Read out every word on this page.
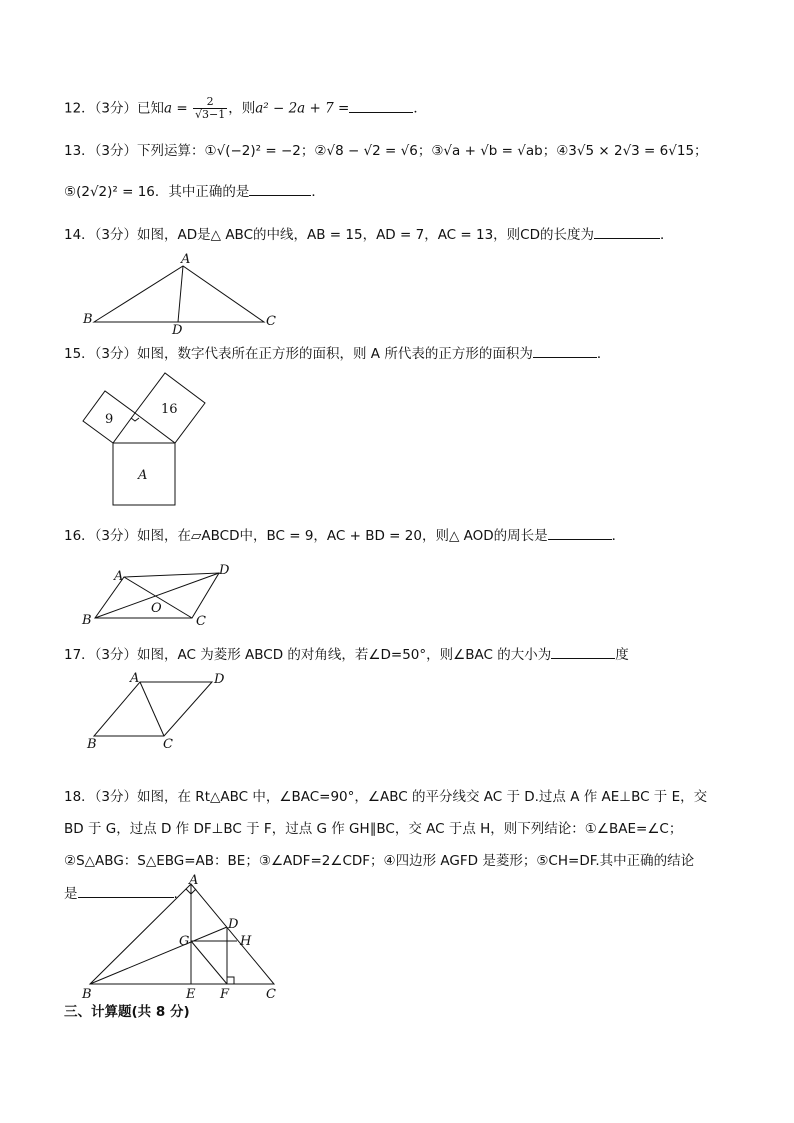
12．（3分）已知$a = \frac{2}{√3-1}$ ，则a² − 2a + 7 =	．
13．（3分）下列运算：①√(−2)² = −2；②√8 − √2 = √6；③√a + √b = √ab；④3√5 × 2√3 = 6√15；
⑤(2√2)² = 16．其中正确的是	．
14．（3分）如图，AD是△ ABC的中线，AB = 15，AD = 7，AC = 13，则CD的长度为	．
A
B	C
D
15．（3分）如图，数字代表所在正方形的面积，则 A 所代表的正方形的面积为	．
9
16
A
16．（3分）如图，在▱ABCD中，BC = 9，AC + BD = 20，则△ AOD的周长是	．
A	D
B	C
O
17．（3分）如图，AC 为菱形 ABCD 的对角线，若∠D=50°，则∠BAC 的大小为	度
A	D
B	C
18．（3分）如图，在 Rt△ABC 中，∠BAC=90°，∠ABC 的平分线交 AC 于 D.过点 A 作 AE⊥BC 于 E，交
BD 于 G，过点 D 作 DF⊥BC 于 F，过点 G 作 GH∥BC，交 AC 于点 H，则下列结论：①∠BAE=∠C；
②S△ABG：S△EBG=AB：BE；③∠ADF=2∠CDF；④四边形 AGFD 是菱形；⑤CH=DF.其中正确的结论
是	.
A
B	C
D
E F
G	H
三、计算题(共 8 分)
